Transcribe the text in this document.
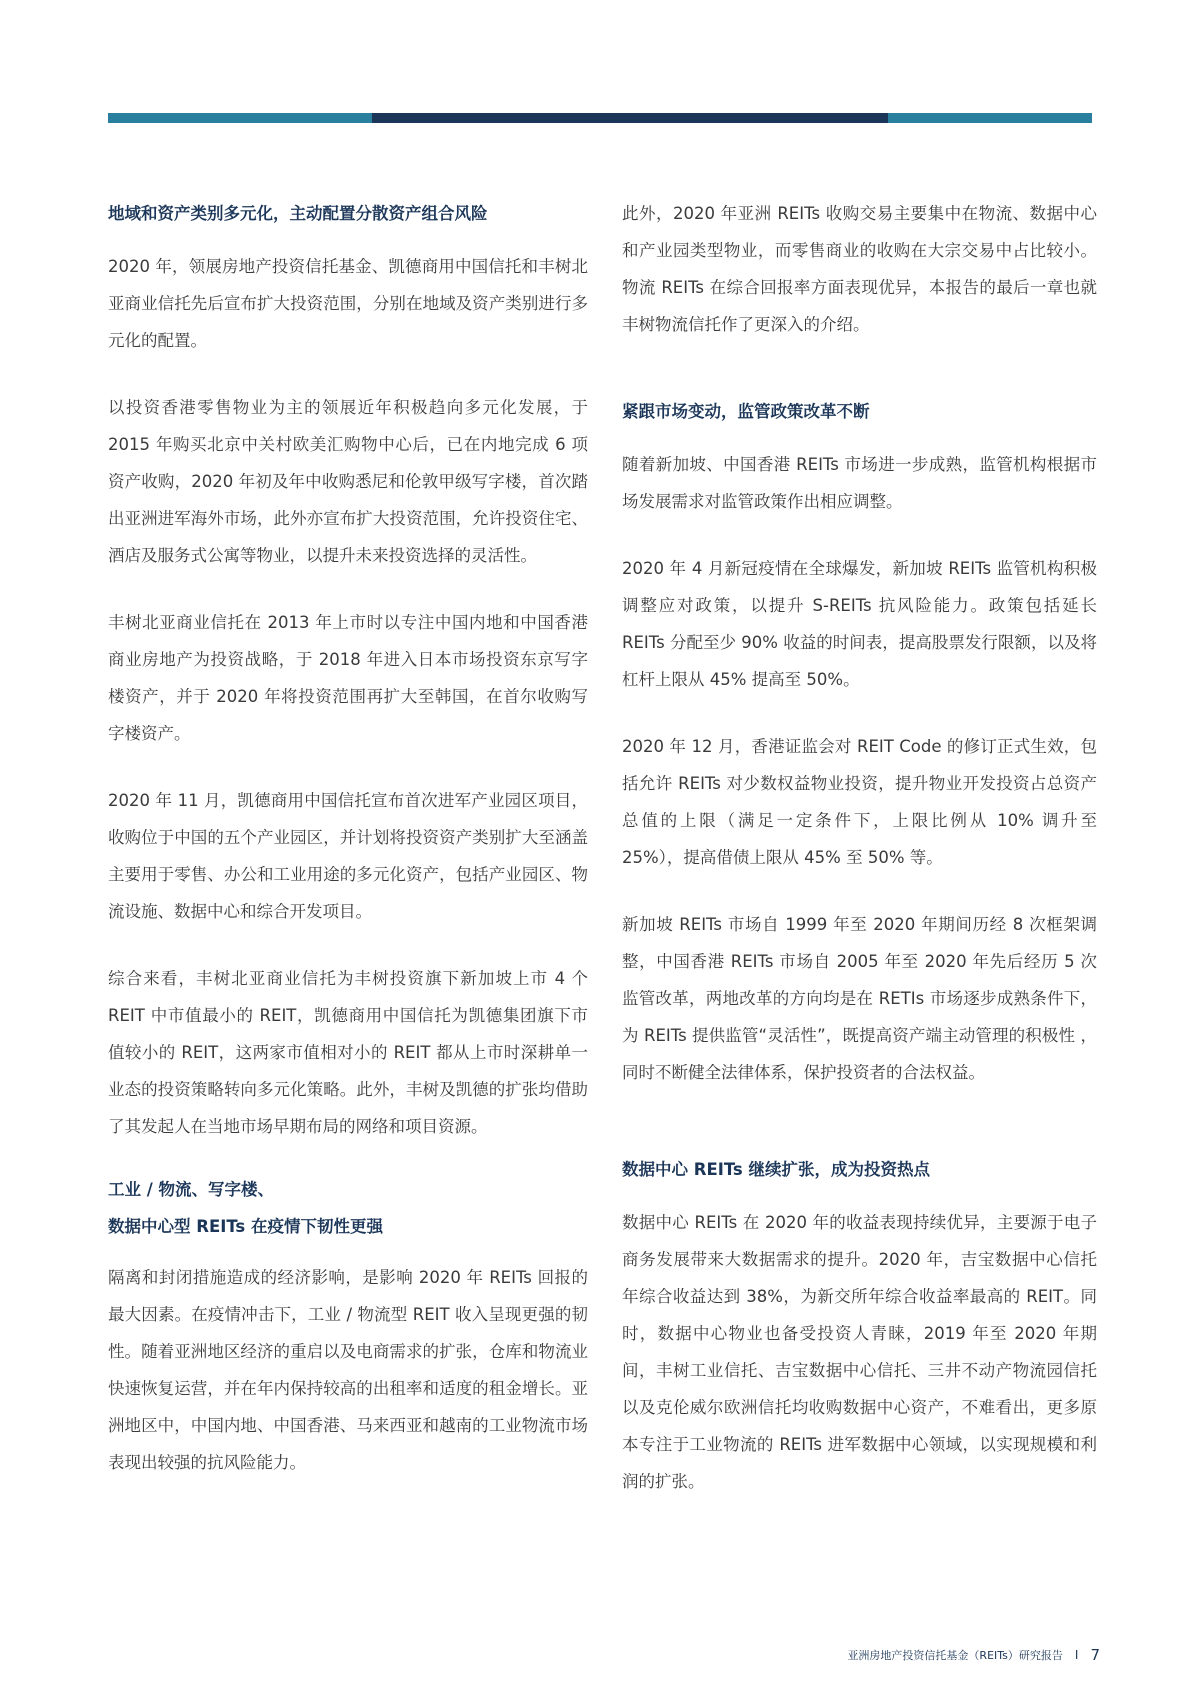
地域和资产类别多元化，主动配置分散资产组合风险

2020 年，领展房地产投资信托基金、凯德商用中国信托和丰树北亚商业信托先后宣布扩大投资范围，分别在地域及资产类别进行多元化的配置。

以投资香港零售物业为主的领展近年积极趋向多元化发展，于 2015 年购买北京中关村欧美汇购物中心后，已在内地完成 6 项资产收购，2020 年初及年中收购悉尼和伦敦甲级写字楼，首次踏出亚洲进军海外市场，此外亦宣布扩大投资范围，允许投资住宅、酒店及服务式公寓等物业，以提升未来投资选择的灵活性。

丰树北亚商业信托在 2013 年上市时以专注中国内地和中国香港商业房地产为投资战略，于 2018 年进入日本市场投资东京写字楼资产，并于 2020 年将投资范围再扩大至韩国，在首尔收购写字楼资产。

2020 年 11 月，凯德商用中国信托宣布首次进军产业园区项目，收购位于中国的五个产业园区，并计划将投资资产类别扩大至涵盖主要用于零售、办公和工业用途的多元化资产，包括产业园区、物流设施、数据中心和综合开发项目。

综合来看，丰树北亚商业信托为丰树投资旗下新加坡上市 4 个 REIT 中市值最小的 REIT，凯德商用中国信托为凯德集团旗下市值较小的 REIT，这两家市值相对小的 REIT 都从上市时深耕单一业态的投资策略转向多元化策略。此外，丰树及凯德的扩张均借助了其发起人在当地市场早期布局的网络和项目资源。

工业 / 物流、写字楼、

数据中心型 REITs 在疫情下韧性更强

隔离和封闭措施造成的经济影响，是影响 2020 年 REITs 回报的最大因素。在疫情冲击下，工业 / 物流型 REIT 收入呈现更强的韧性。随着亚洲地区经济的重启以及电商需求的扩张，仓库和物流业快速恢复运营，并在年内保持较高的出租率和适度的租金增长。亚洲地区中，中国内地、中国香港、马来西亚和越南的工业物流市场表现出较强的抗风险能力。

此外，2020 年亚洲 REITs 收购交易主要集中在物流、数据中心和产业园类型物业，而零售商业的收购在大宗交易中占比较小。 物流 REITs 在综合回报率方面表现优异，本报告的最后一章也就丰树物流信托作了更深入的介绍。

紧跟市场变动，监管政策改革不断

随着新加坡、中国香港 REITs 市场进一步成熟，监管机构根据市场发展需求对监管政策作出相应调整。

2020 年 4 月新冠疫情在全球爆发，新加坡 REITs 监管机构积极调整应对政策，以提升 S-REITs 抗风险能力。政策包括延长 REITs 分配至少 90% 收益的时间表，提高股票发行限额，以及将杠杆上限从 45% 提高至 50%。

2020 年 12 月，香港证监会对 REIT Code 的修订正式生效，包括允许 REITs 对少数权益物业投资，提升物业开发投资占总资产总值的上限（满足一定条件下，上限比例从 10% 调升至 25%），提高借债上限从 45% 至 50% 等。

新加坡 REITs 市场自 1999 年至 2020 年期间历经 8 次框架调整，中国香港 REITs 市场自 2005 年至 2020 年先后经历 5 次监管改革，两地改革的方向均是在 RETIs 市场逐步成熟条件下，为 REITs 提供监管“灵活性”，既提高资产端主动管理的积极性 ，同时不断健全法律体系，保护投资者的合法权益。

数据中心 REITs 继续扩张，成为投资热点

数据中心 REITs 在 2020 年的收益表现持续优异，主要源于电子商务发展带来大数据需求的提升。2020 年，吉宝数据中心信托年综合收益达到 38%，为新交所年综合收益率最高的 REIT。同时，数据中心物业也备受投资人青睐，2019 年至 2020 年期间，丰树工业信托、吉宝数据中心信托、三井不动产物流园信托以及克伦威尔欧洲信托均收购数据中心资产，不难看出，更多原本专注于工业物流的 REITs 进军数据中心领域，以实现规模和利润的扩张。

亚洲房地产投资信托基金（REITs）研究报告 I 7
